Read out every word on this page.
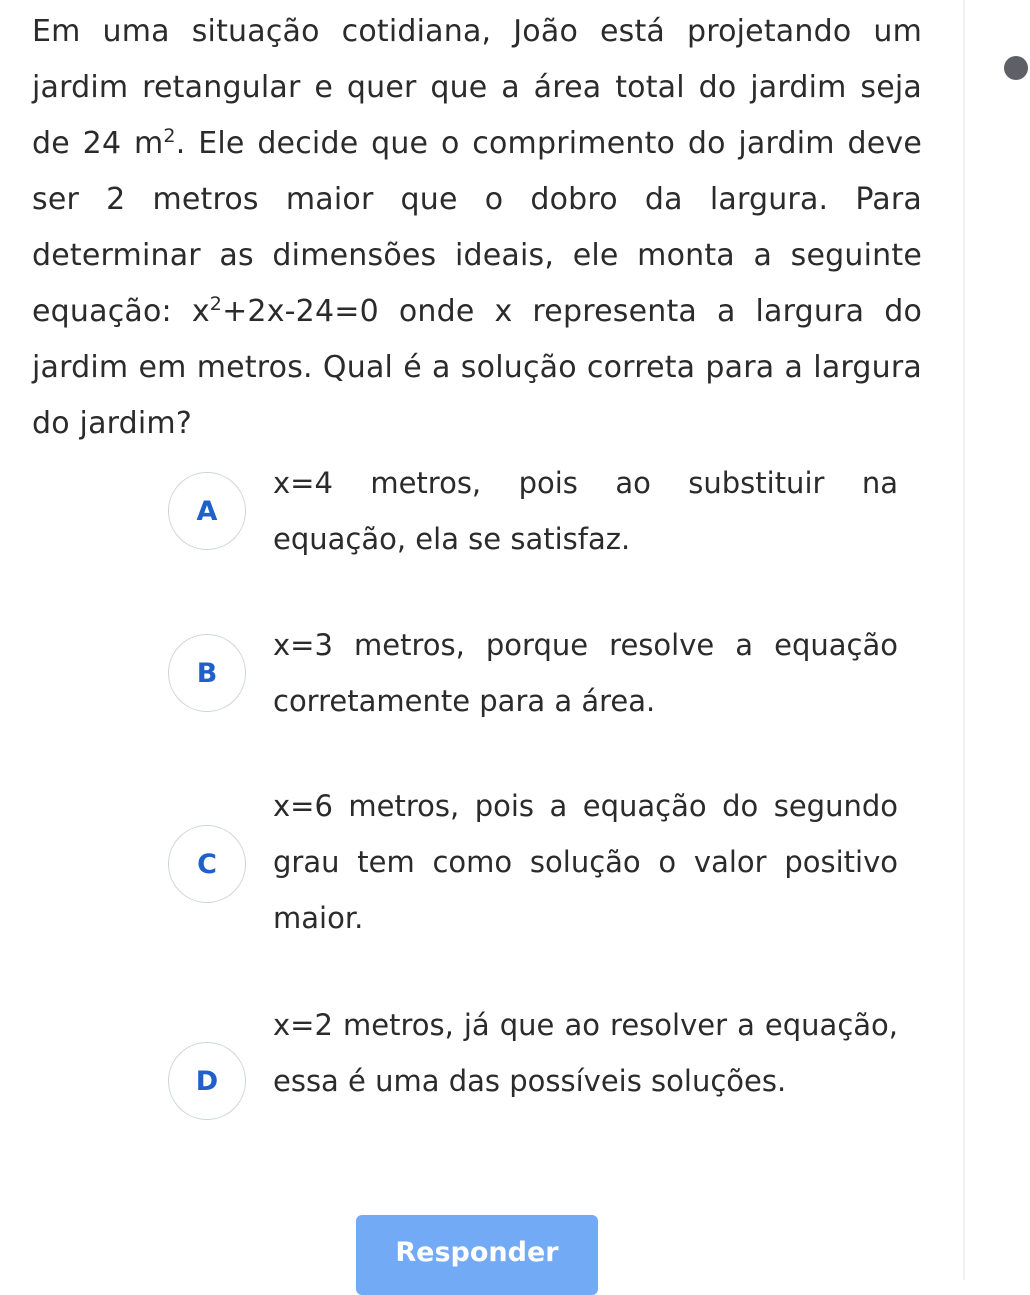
Em uma situação cotidiana, João está projetando um jardim retangular e quer que a área total do jardim seja de 24 $m^2$. Ele decide que o comprimento do jardim deve ser 2 metros maior que o dobro da largura. Para determinar as dimensões ideais, ele monta a seguinte equação: $x^2+2x-24=0$ onde x representa a largura do jardim em metros. Qual é a solução correta para a largura do jardim?
A
x=4 metros, pois ao substituir na equação, ela se satisfaz.
B
x=3 metros, porque resolve a equação corretamente para a área.
C
x=6 metros, pois a equação do segundo grau tem como solução o valor positivo maior.
D
x=2 metros, já que ao resolver a equação, essa é uma das possíveis soluções.
Responder
